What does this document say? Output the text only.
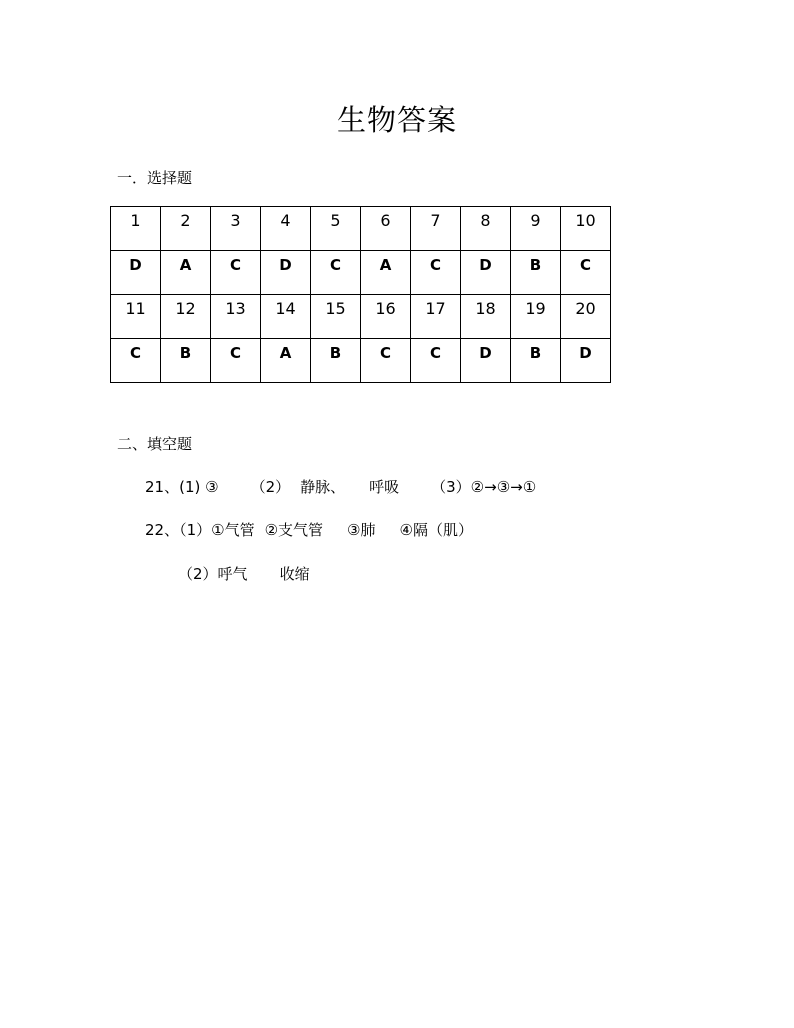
生物答案
一．选择题
1	2	3	4	5	6	7	8	9	10
D	A	C	D	C	A	C	D	B	C
11	12	13	14	15	16	17	18	19	20
C	B	C	A	B	C	C	D	B	D
二、填空题
21、(1) ③ （2） 静脉、 呼吸 （3）②→③→①
22、（1）①气管 ②支气管 ③肺 ④隔（肌）
（2）呼气 收缩
